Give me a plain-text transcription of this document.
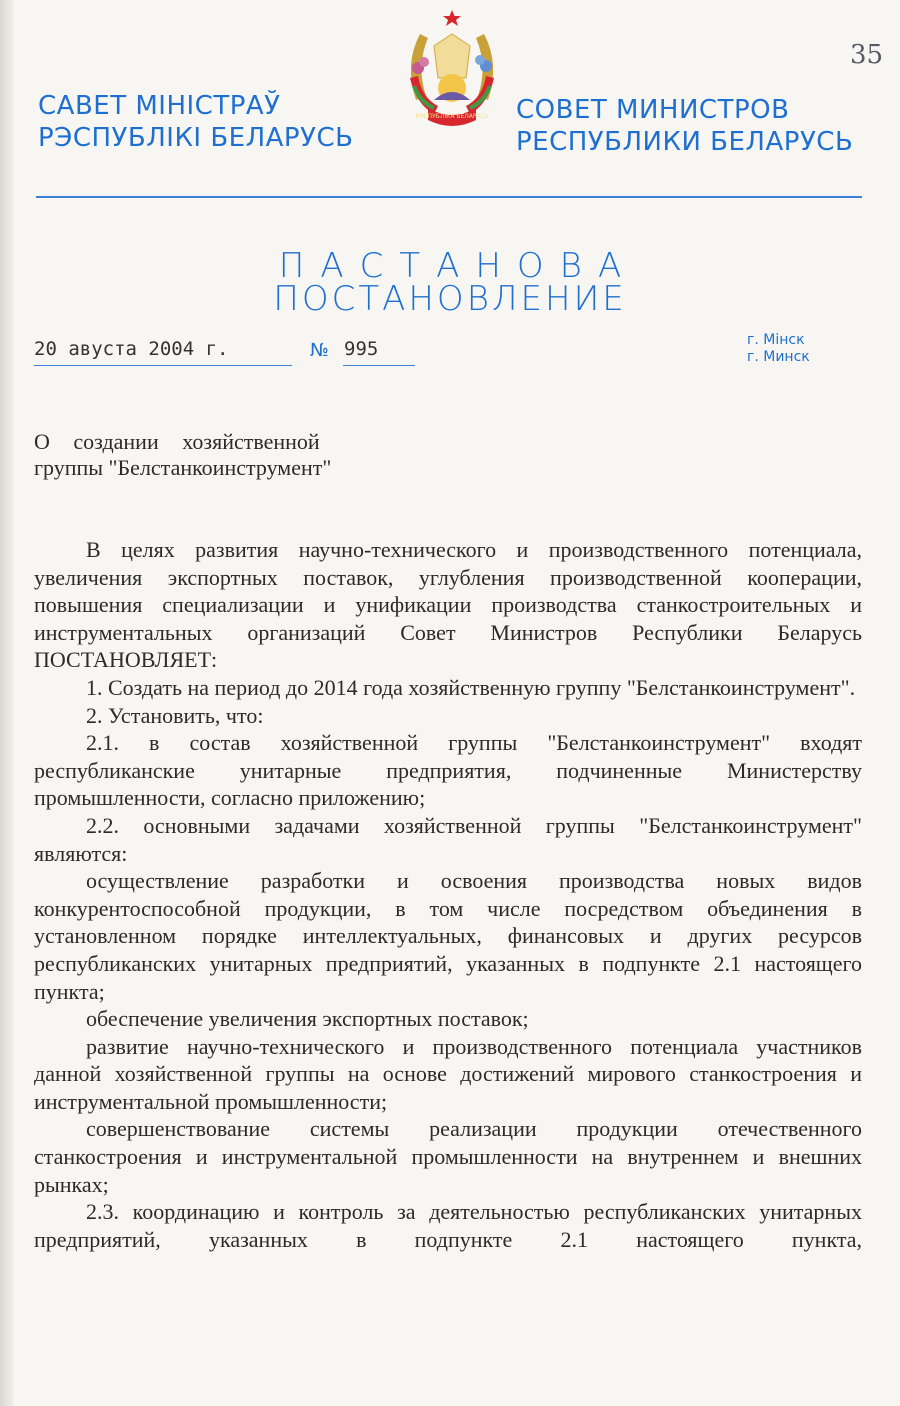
35
САВЕТ МІНІСТРАЎ
РЭСПУБЛІКІ БЕЛАРУСЬ
РЭСПУБЛІКА БЕЛАРУСЬ СОВЕТ МИНИСТРОВ
РЕСПУБЛИКИ БЕЛАРУСЬ
ПАСТАНОВА
ПОСТАНОВЛЕНИЕ
20 авуста 2004 г.	№ 995	г. Мінск
г. Минск
О создании хозяйственной
группы "Белстанкоинструмент"

В целях развития научно-технического и производственного потенциала, увеличения экспортных поставок, углубления производственной кооперации, повышения специализации и унификации производства станкостроительных и инструментальных организаций Совет Министров Республики Беларусь ПОСТАНОВЛЯЕТ:

1. Создать на период до 2014 года хозяйственную группу "Белстанкоинструмент".

2. Установить, что:

2.1. в состав хозяйственной группы "Белстанкоинструмент" входят республиканские унитарные предприятия, подчиненные Министерству промышленности, согласно приложению;

2.2. основными задачами хозяйственной группы "Белстанкоинструмент" являются:

осуществление разработки и освоения производства новых видов конкурентоспособной продукции, в том числе посредством объединения в установленном порядке интеллектуальных, финансовых и других ресурсов республиканских унитарных предприятий, указанных в подпункте 2.1 настоящего пункта;

обеспечение увеличения экспортных поставок;

развитие научно-технического и производственного потенциала участников данной хозяйственной группы на основе достижений мирового станкостроения и инструментальной промышленности;

совершенствование системы реализации продукции отечественного станкостроения и инструментальной промышленности на внутреннем и внешних рынках;

2.3. координацию и контроль за деятельностью республиканских унитарных предприятий, указанных в подпункте 2.1 настоящего пункта,
